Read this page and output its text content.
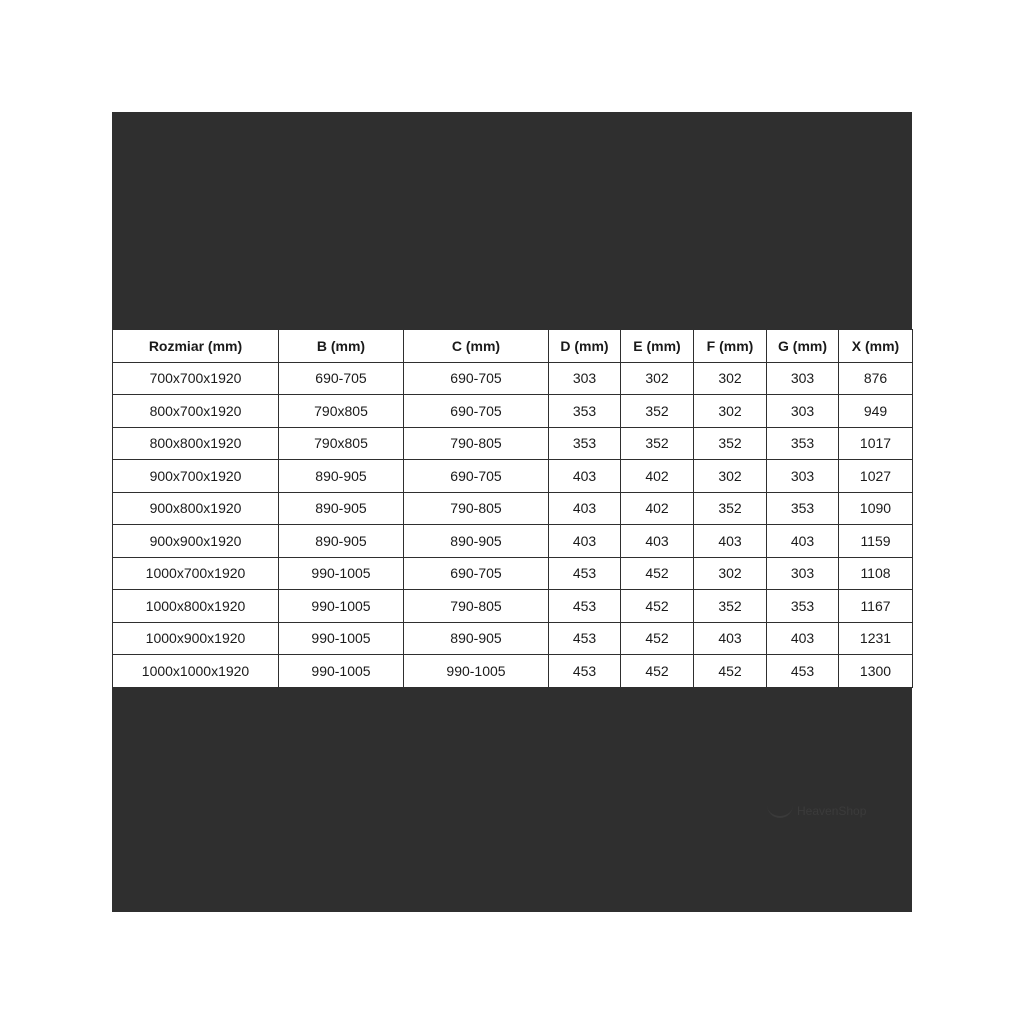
Rozmiar (mm)	B (mm)	C (mm)	D (mm)	E (mm)	F (mm)	G (mm)	X (mm)
700x700x1920	690-705	690-705	303	302	302	303	876
800x700x1920	790x805	690-705	353	352	302	303	949
800x800x1920	790x805	790-805	353	352	352	353	1017
900x700x1920	890-905	690-705	403	402	302	303	1027
900x800x1920	890-905	790-805	403	402	352	353	1090
900x900x1920	890-905	890-905	403	403	403	403	1159
1000x700x1920	990-1005	690-705	453	452	302	303	1108
1000x800x1920	990-1005	790-805	453	452	352	353	1167
1000x900x1920	990-1005	890-905	453	452	403	403	1231
1000x1000x1920	990-1005	990-1005	453	452	452	453	1300
HeavenShop
